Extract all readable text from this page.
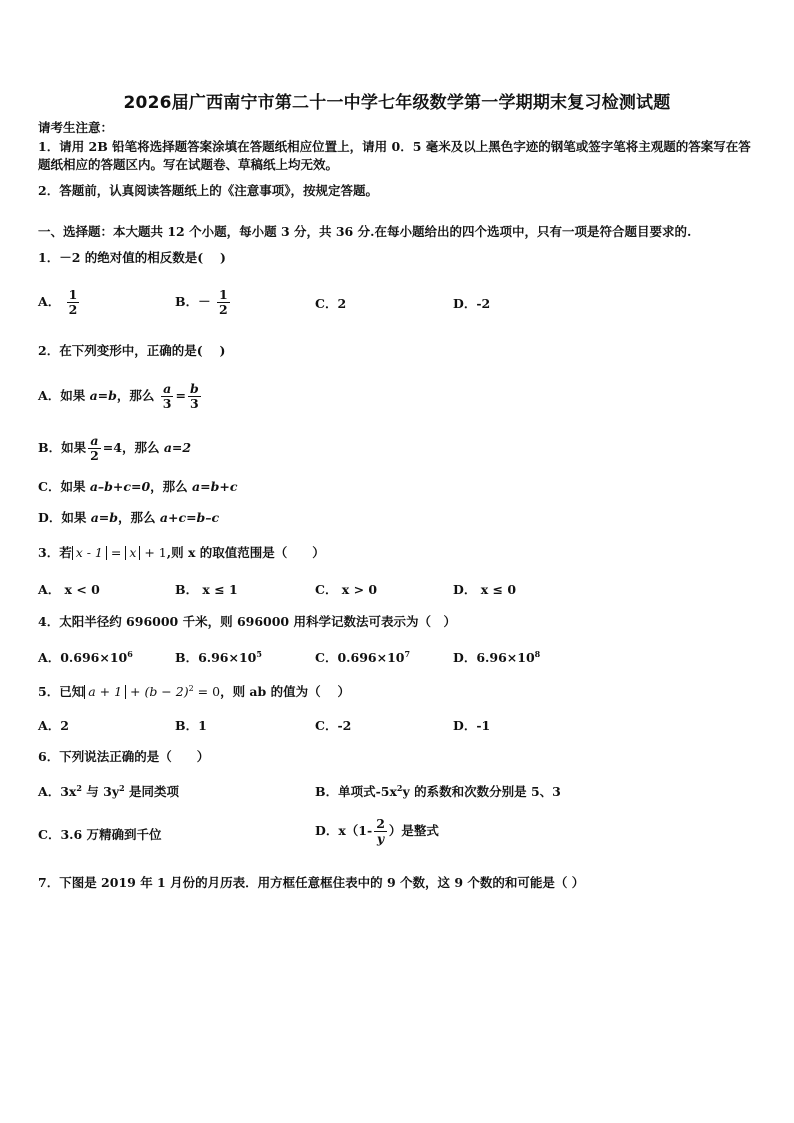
2026届广西南宁市第二十一中学七年级数学第一学期期末复习检测试题
请考生注意：
1．请用 2B 铅笔将选择题答案涂填在答题纸相应位置上，请用 0．5 毫米及以上黑色字迹的钢笔或签字笔将主观题的答案写在答题纸相应的答题区内。写在试题卷、草稿纸上均无效。
2．答题前，认真阅读答题纸上的《注意事项》，按规定答题。
一、选择题：本大题共 12 个小题，每小题 3 分，共 36 分.在每小题给出的四个选项中，只有一项是符合题目要求的.
1．－2 的绝对值的相反数是(　 )
A． $\frac{1}{2}$	B．－ $\frac{1}{2}$	C．2	D．-2
2．在下列变形中，正确的是(　 )
A．如果 a=b，那么 $\frac{a}{3} = \frac{b}{3}$
B．如果 $\frac{a}{2} =4$，那么 a=2
C．如果 a–b+c=0，那么 a=b+c
D．如果 a=b，那么 a+c=b–c
3．若 x - 1 = x + 1,则 x 的取值范围是（　　）
A． x < 0	B． x ≤ 1	C． x > 0	D． x ≤ 0
4．太阳半径约 696000 千米，则 696000 用科学记数法可表示为（　）
A．$0.696\times 10^6$	B．$6.96\times 10^5$	C．$0.696\times 10^7$	D．$6.96\times 10^8$
5．已知 $a + 1 + (b - 2)^2 = 0$，则 ab 的值为（　 ）
A．2	B．1	C．-2	D．-1
6．下列说法正确的是（　　）
A．$3x^2$ 与 $3y^2$ 是同类项	B．单项式$-5x^2y$ 的系数和次数分别是 5、3
C．3.6 万精确到千位	D．$x(1- \frac{2}{y}$ ）是整式
7．下图是 2019 年 1 月份的月历表．用方框任意框住表中的 9 个数，这 9 个数的和可能是（ ）
